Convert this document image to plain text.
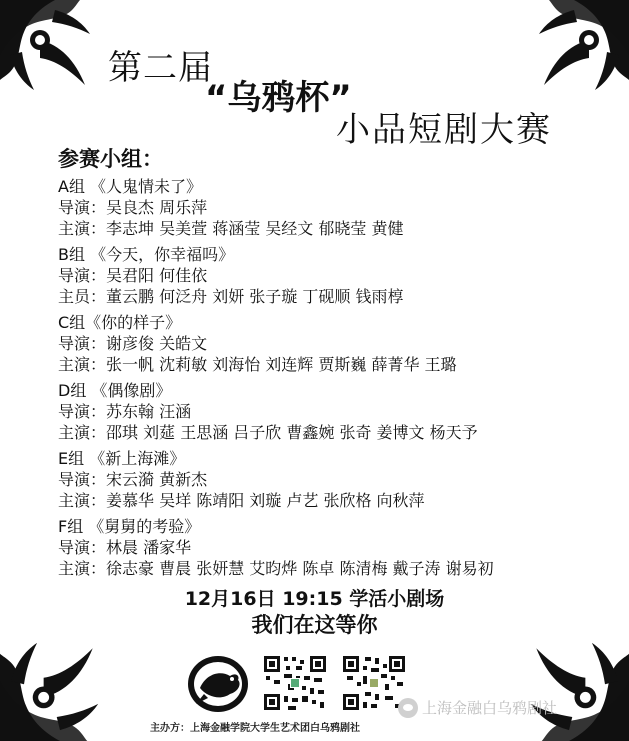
第二届
“乌鸦杯”
小品短剧大赛
参赛小组：
A组 《人鬼情未了》
导演：吴良杰 周乐萍
主演：李志坤 吴美萱 蒋涵莹 吴经文 郁晓莹 黄健
B组 《今天，你幸福吗》
导演：吴君阳 何佳依
主员：董云鹏 何泛舟 刘妍 张子璇 丁砚顺 钱雨椁
C组《你的样子》
导演：谢彦俊 关皓文
主演：张一帆 沈莉敏 刘海怡 刘连辉 贾斯巍 薛菁华 王璐
D组 《偶像剧》
导演：苏东翰 汪涵
主演：邵琪 刘莚 王思涵 吕子欣 曹鑫婉 张奇 姜博文 杨天予
E组 《新上海滩》
导演：宋云漪 黄新杰
主演：姜慕华 吴垟 陈靖阳 刘璇 卢艺 张欣格 向秋萍
F组 《舅舅的考验》
导演：林晨 潘家华
主演：徐志豪 曹晨 张妍慧 艾昀烨 陈卓 陈清梅 戴子涛 谢易初
12月16日 19:15 学活小剧场
我们在这等你
主办方：上海金融学院大学生艺术团白乌鸦剧社
上海金融白乌鸦剧社
